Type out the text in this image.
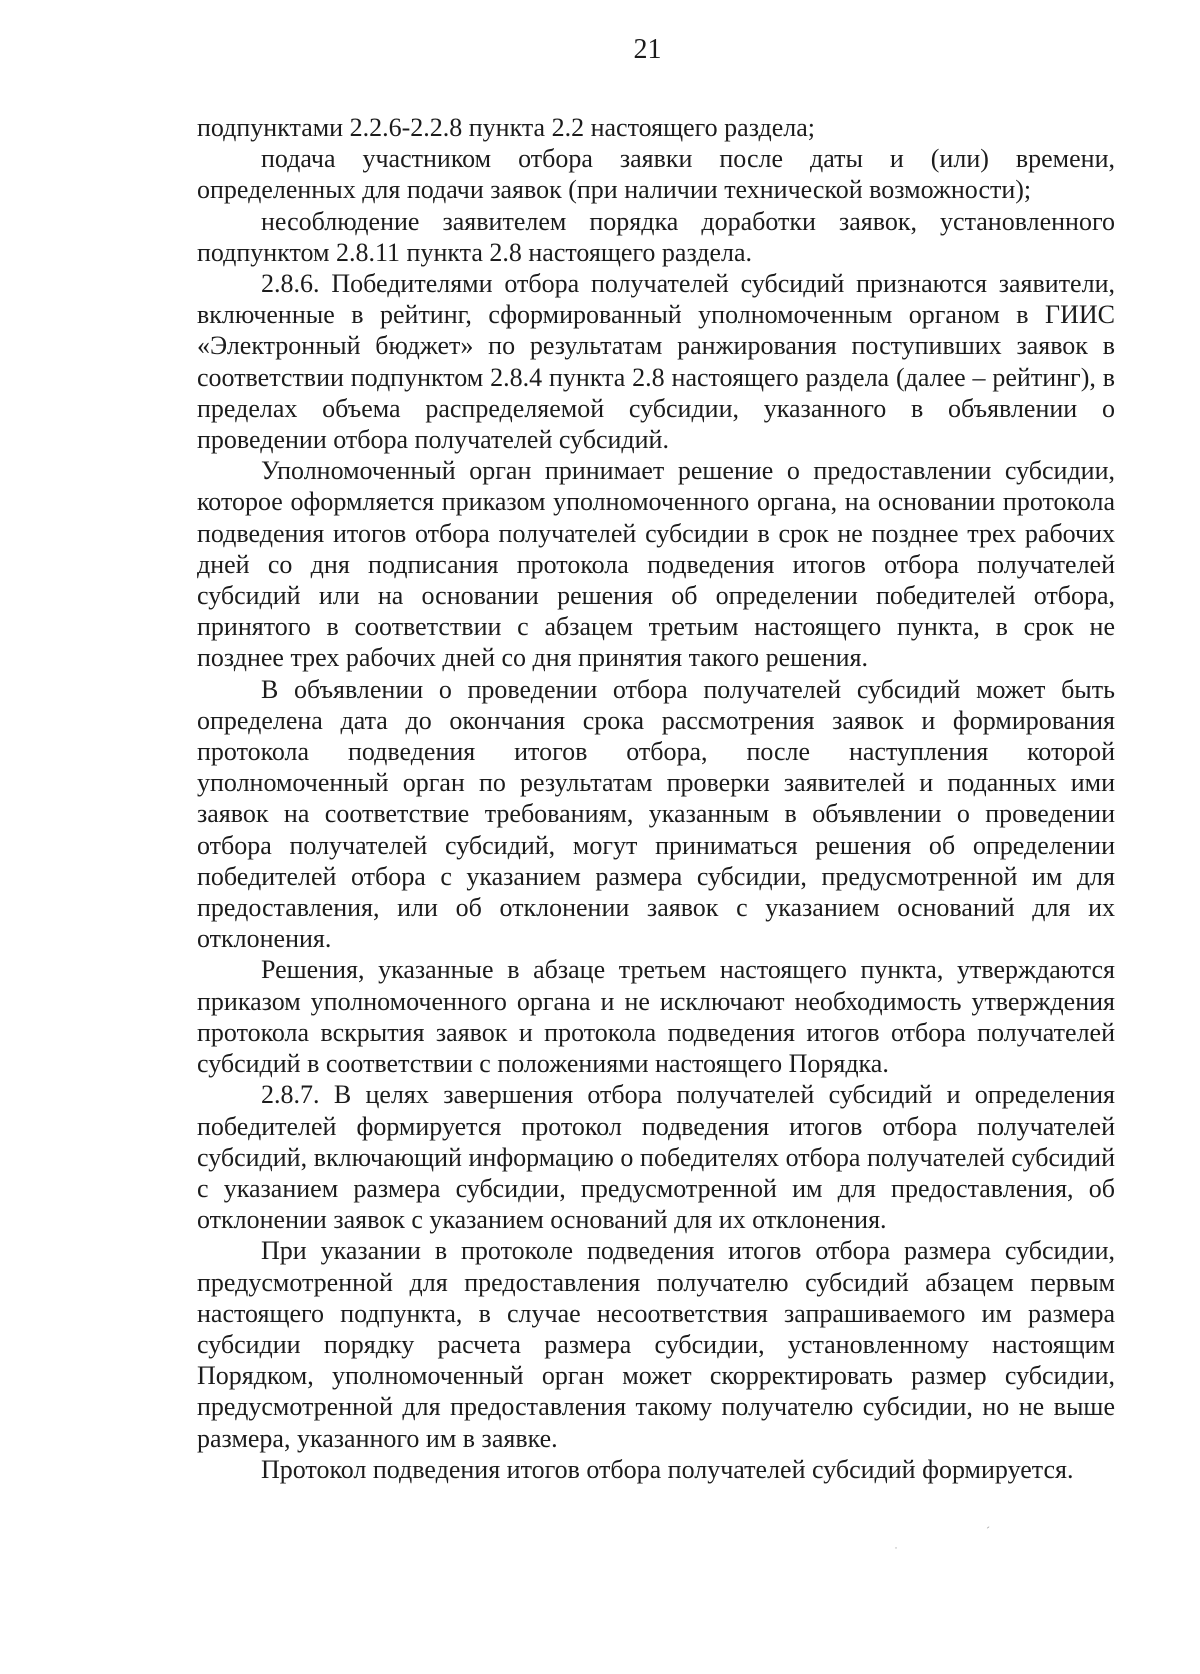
21

подпунктами 2.2.6-2.2.8 пункта 2.2 настоящего раздела;

подача участником отбора заявки после даты и (или) времени, определенных для подачи заявок (при наличии технической возможности);

несоблюдение заявителем порядка доработки заявок, установленного подпунктом 2.8.11 пункта 2.8 настоящего раздела.

2.8.6. Победителями отбора получателей субсидий признаются заявители, включенные в рейтинг, сформированный уполномоченным органом в ГИИС «Электронный бюджет» по результатам ранжирования поступивших заявок в соответствии подпунктом 2.8.4 пункта 2.8 настоящего раздела (далее – рейтинг), в пределах объема распределяемой субсидии, указанного в объявлении о проведении отбора получателей субсидий.

Уполномоченный орган принимает решение о предоставлении субсидии, которое оформляется приказом уполномоченного органа, на основании протокола подведения итогов отбора получателей субсидии в срок не позднее трех рабочих дней со дня подписания протокола подведения итогов отбора получателей субсидий или на основании решения об определении победителей отбора, принятого в соответствии с абзацем третьим настоящего пункта, в срок не позднее трех рабочих дней со дня принятия такого решения.

В объявлении о проведении отбора получателей субсидий может быть определена дата до окончания срока рассмотрения заявок и формирования протокола подведения итогов отбора, после наступления которой уполномоченный орган по результатам проверки заявителей и поданных ими заявок на соответствие требованиям, указанным в объявлении о проведении отбора получателей субсидий, могут приниматься решения об определении победителей отбора с указанием размера субсидии, предусмотренной им для предоставления, или об отклонении заявок с указанием оснований для их отклонения.

Решения, указанные в абзаце третьем настоящего пункта, утверждаются приказом уполномоченного органа и не исключают необходимость утверждения протокола вскрытия заявок и протокола подведения итогов отбора получателей субсидий в соответствии с положениями настоящего Порядка.

2.8.7. В целях завершения отбора получателей субсидий и определения победителей формируется протокол подведения итогов отбора получателей субсидий, включающий информацию о победителях отбора получателей субсидий с указанием размера субсидии, предусмотренной им для предоставления, об отклонении заявок с указанием оснований для их отклонения.

При указании в протоколе подведения итогов отбора размера субсидии, предусмотренной для предоставления получателю субсидий абзацем первым настоящего подпункта, в случае несоответствия запрашиваемого им размера субсидии порядку расчета размера субсидии, установленному настоящим Порядком, уполномоченный орган может скорректировать размер субсидии, предусмотренной для предоставления такому получателю субсидии, но не выше размера, указанного им в заявке.

Протокол подведения итогов отбора получателей субсидий формируется.

ˊ
˙
